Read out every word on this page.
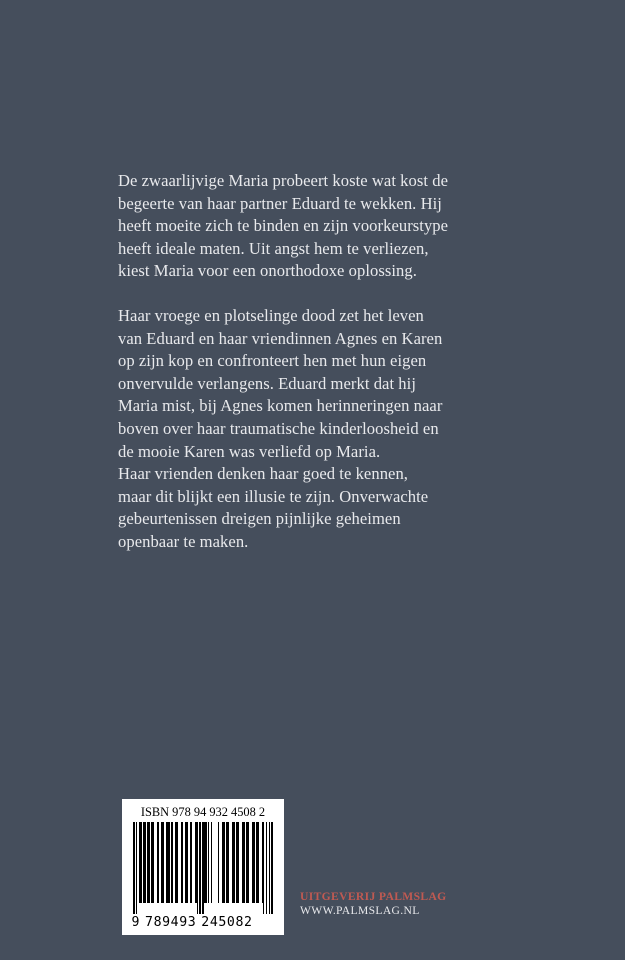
De zwaarlijvige Maria probeert koste wat kost de
begeerte van haar partner Eduard te wekken. Hij
heeft moeite zich te binden en zijn voorkeurstype
heeft ideale maten. Uit angst hem te verliezen,
kiest Maria voor een onorthodoxe oplossing.

Haar vroege en plotselinge dood zet het leven
van Eduard en haar vriendinnen Agnes en Karen
op zijn kop en confronteert hen met hun eigen
onvervulde verlangens. Eduard merkt dat hij
Maria mist, bij Agnes komen herinneringen naar
boven over haar traumatische kinderloosheid en
de mooie Karen was verliefd op Maria.
Haar vrienden denken haar goed te kennen,
maar dit blijkt een illusie te zijn. Onverwachte
gebeurtenissen dreigen pijnlijke geheimen
openbaar te maken.

ISBN 978 94 932 4508 2
9 789493 245082
UITGEVERIJ PALMSLAG
WWW.PALMSLAG.NL
